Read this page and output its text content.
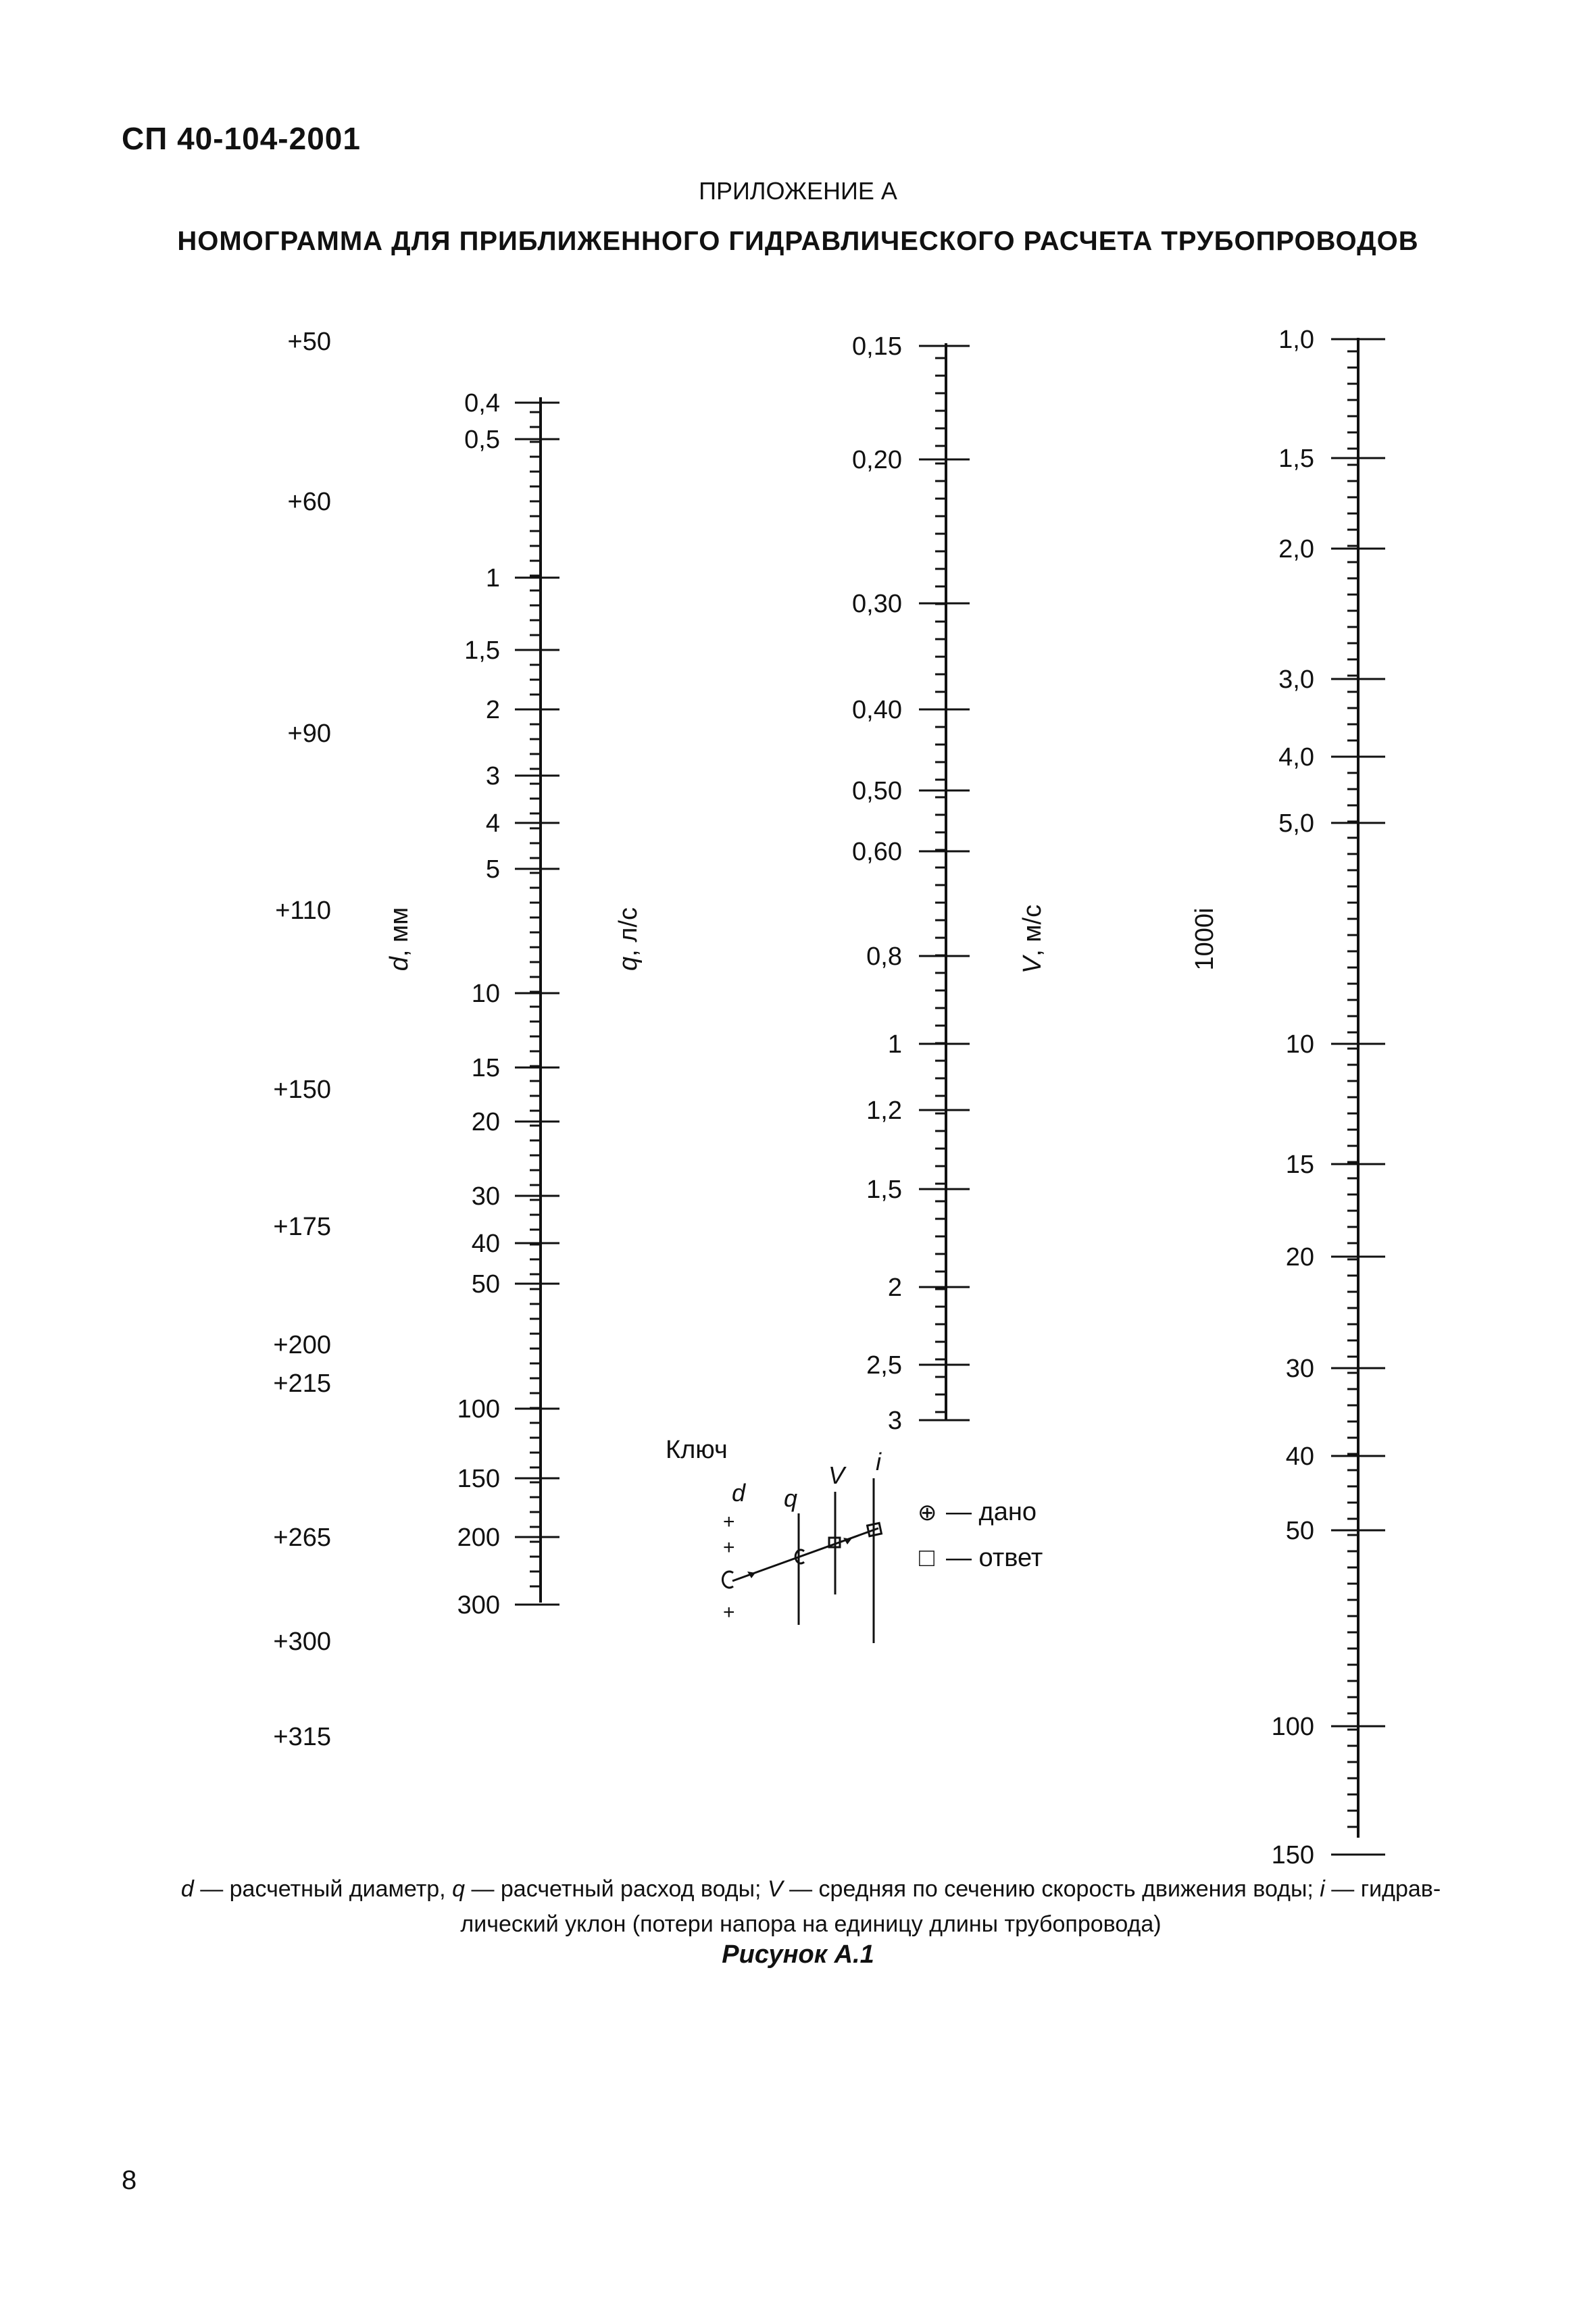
СП 40-104-2001
ПРИЛОЖЕНИЕ А
НОМОГРАММА ДЛЯ ПРИБЛИЖЕННОГО ГИДРАВЛИЧЕСКОГО РАСЧЕТА ТРУБОПРОВОДОВ
+50
+60
+90
+110
+150
+175
+200
+215
+265
+300
+315
0,4
0,5
1
1,5
2
3
4
5
10
15
20
30
40
50
100
150
200
300
d, мм
q, л/с
0,15
0,20
0,30
0,40
0,50
0,60
0,8
1
1,2
1,5
2
2,5
3
V, м/с
1,0
1,5
2,0
3,0
4,0
5,0
10
15
20
30
40
50
100
150
1000i
Ключ
d q
V i
+
+
+
⊕ — дано
□ — ответ
d — расчетный диаметр, q — расчетный расход воды; V — средняя по сечению скорость движения воды; i — гидрав-
лический уклон (потери напора на единицу длины трубопровода)
Рисунок А.1
8
